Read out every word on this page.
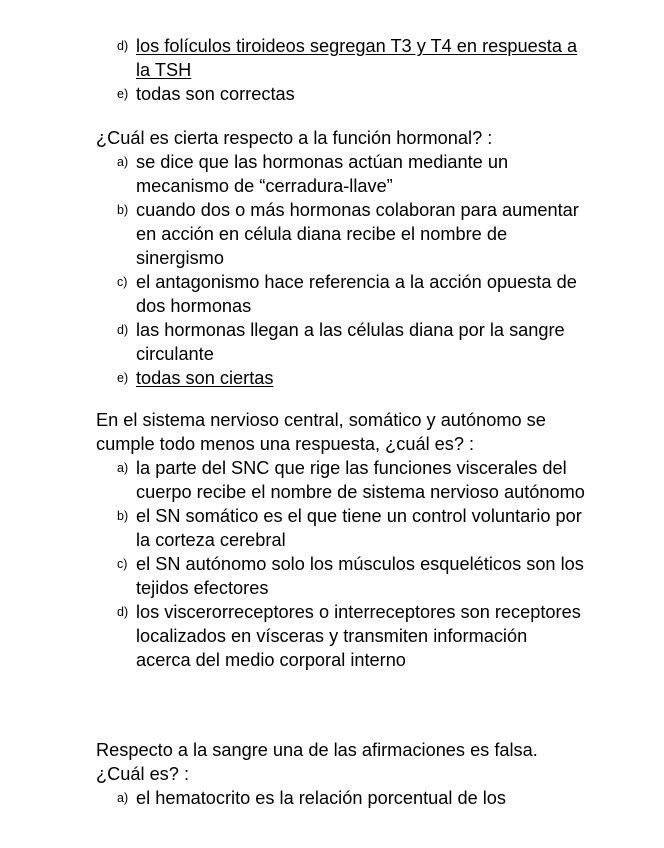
d) los folículos tiroideos segregan T3 y T4 en respuesta a la TSH
e) todas son correctas

¿Cuál es cierta respecto a la función hormonal? :

a) se dice que las hormonas actúan mediante un mecanismo de “cerradura-llave”
b) cuando dos o más hormonas colaboran para aumentar en acción en célula diana recibe el nombre de sinergismo
c) el antagonismo hace referencia a la acción opuesta de dos hormonas
d) las hormonas llegan a las células diana por la sangre circulante
e) todas son ciertas

En el sistema nervioso central, somático y autónomo se cumple todo menos una respuesta, ¿cuál es? :

a) la parte del SNC que rige las funciones viscerales del cuerpo recibe el nombre de sistema nervioso autónomo
b) el SN somático es el que tiene un control voluntario por la corteza cerebral
c) el SN autónomo solo los músculos esqueléticos son los tejidos efectores
d) los viscerorreceptores o interreceptores son receptores localizados en vísceras y transmiten información acerca del medio corporal interno

Respecto a la sangre una de las afirmaciones es falsa. ¿Cuál es? :

a) el hematocrito es la relación porcentual de los
